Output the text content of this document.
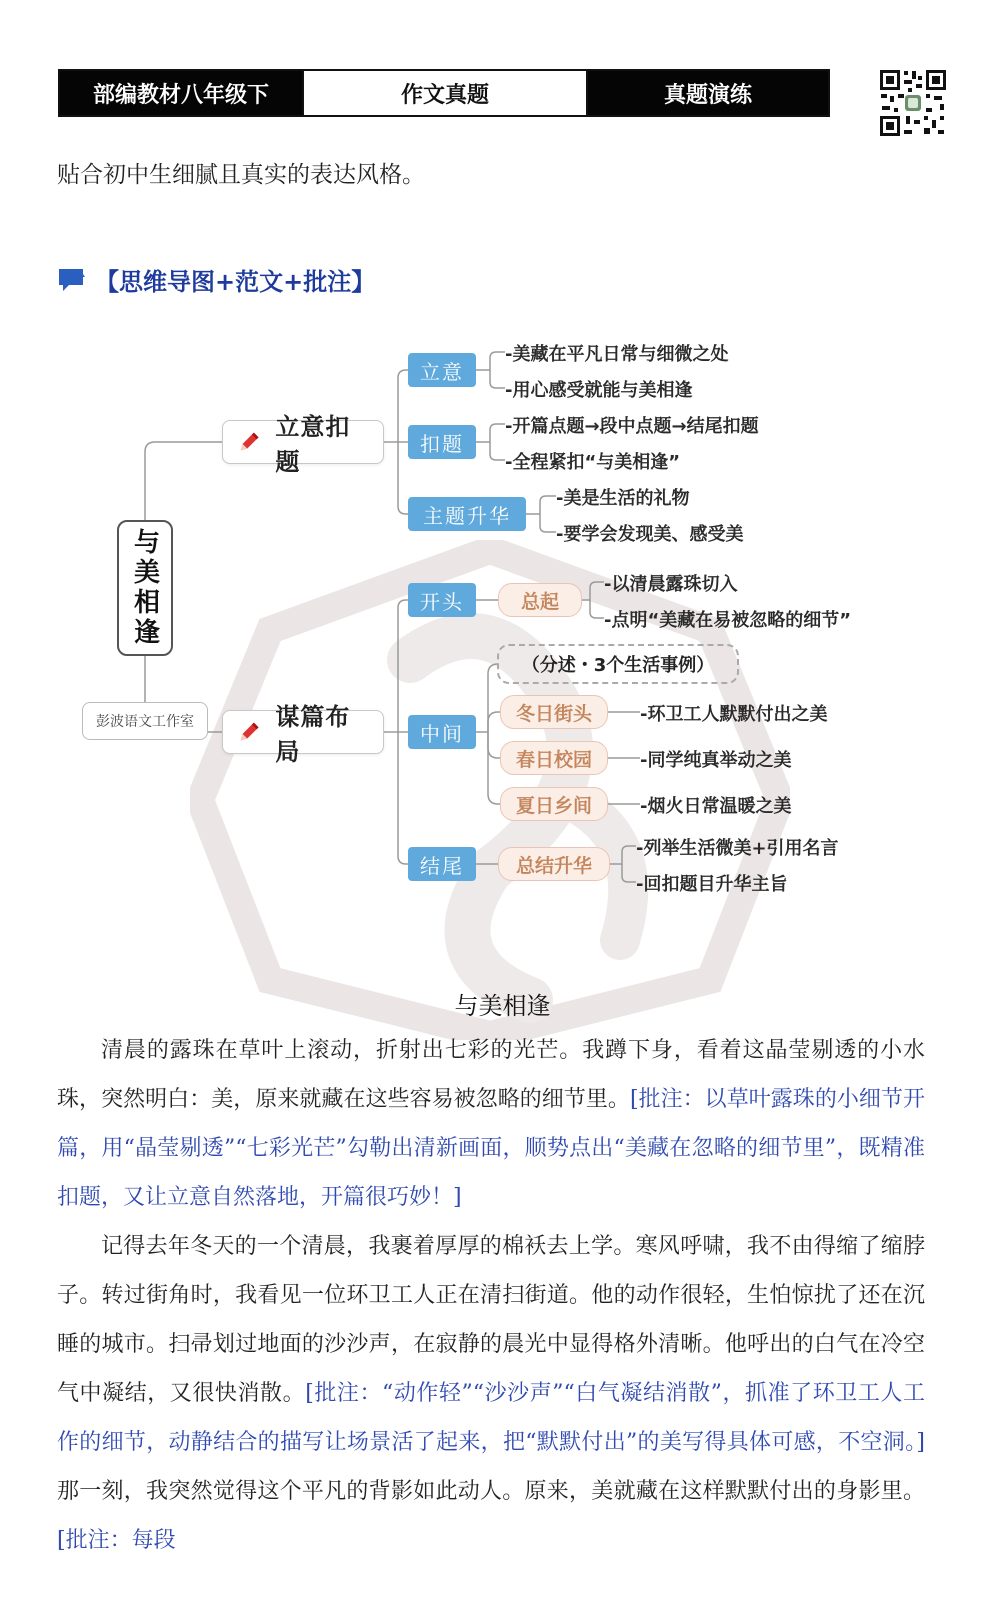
部编教材八年级下	作文真题	真题演练
贴合初中生细腻且真实的表达风格。
【思维导图+范文+批注】
与美相逢
彭波语文工作室
立意扣题
谋篇布局
立意
扣题
主题升华
-美藏在平凡日常与细微之处
-用心感受就能与美相逢
-开篇点题→段中点题→结尾扣题
-全程紧扣“与美相逢”
-美是生活的礼物
-要学会发现美、感受美
开头
中间
结尾
总起
-以清晨露珠切入
-点明“美藏在易被忽略的细节”
（分述・3个生活事例）
冬日街头
春日校园
夏日乡间
-环卫工人默默付出之美
-同学纯真举动之美
-烟火日常温暖之美
总结升华
-列举生活微美+引用名言
-回扣题目升华主旨
与美相逢

清晨的露珠在草叶上滚动，折射出七彩的光芒。我蹲下身，看着这晶莹剔透的小水珠，突然明白：美，原来就藏在这些容易被忽略的细节里。[批注：以草叶露珠的小细节开篇，用“晶莹剔透”“七彩光芒”勾勒出清新画面，顺势点出“美藏在忽略的细节里”，既精准扣题，又让立意自然落地，开篇很巧妙！]

记得去年冬天的一个清晨，我裹着厚厚的棉袄去上学。寒风呼啸，我不由得缩了缩脖子。转过街角时，我看见一位环卫工人正在清扫街道。他的动作很轻，生怕惊扰了还在沉睡的城市。扫帚划过地面的沙沙声，在寂静的晨光中显得格外清晰。他呼出的白气在冷空气中凝结，又很快消散。[批注：“动作轻”“沙沙声”“白气凝结消散”，抓准了环卫工人工作的细节，动静结合的描写让场景活了起来，把“默默付出”的美写得具体可感，不空洞。]那一刻，我突然觉得这个平凡的背影如此动人。原来，美就藏在这样默默付出的身影里。[批注：每段
